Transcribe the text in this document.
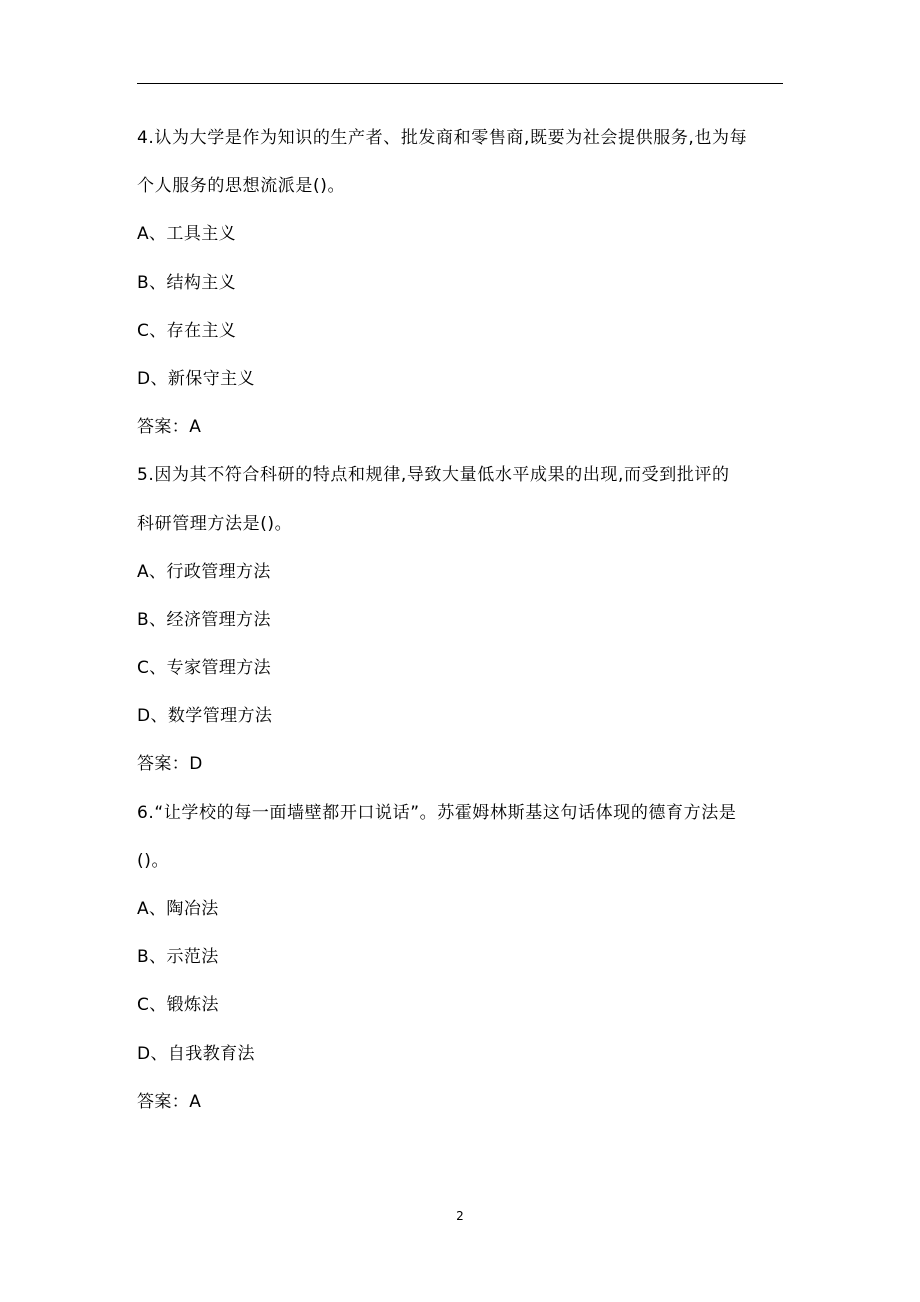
4.认为大学是作为知识的生产者、批发商和零售商,既要为社会提供服务,也为每
个人服务的思想流派是()。
A、工具主义
B、结构主义
C、存在主义
D、新保守主义
答案：A
5.因为其不符合科研的特点和规律,导致大量低水平成果的出现,而受到批评的
科研管理方法是()。
A、行政管理方法
B、经济管理方法
C、专家管理方法
D、数学管理方法
答案：D
6.“让学校的每一面墙壁都开口说话”。苏霍姆林斯基这句话体现的德育方法是
()。
A、陶冶法
B、示范法
C、锻炼法
D、自我教育法
答案：A
2
